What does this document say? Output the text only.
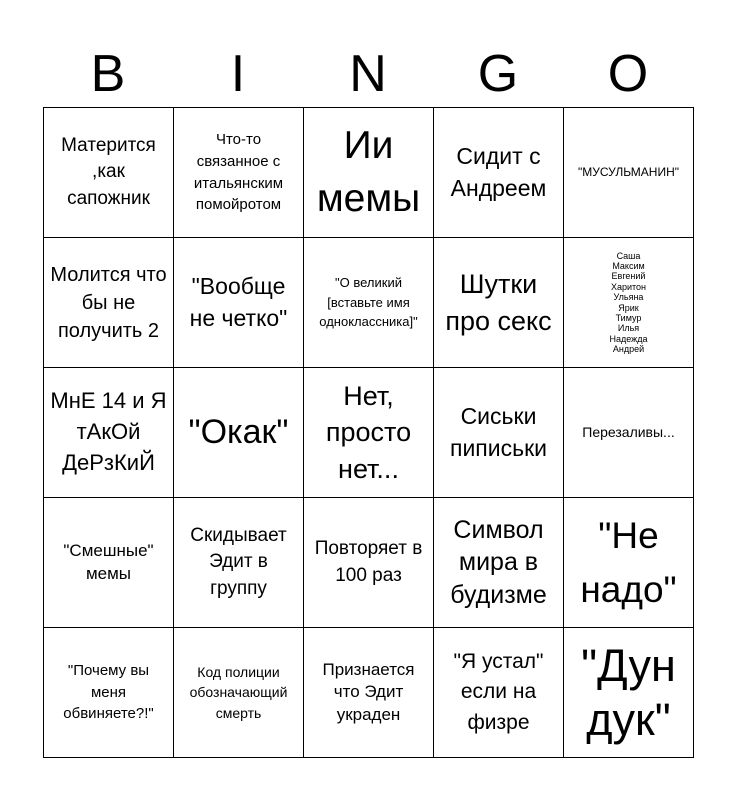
B	I	N	G	O
Матерится ,как сапожник
Что-то связанное с итальянским помойротом
Ии мемы
Сидит с Андреем
"МУСУЛЬМАНИН"
Молится что бы не получить 2
"Вообще не четко"
"О великий [вставьте имя одноклассника]"
Шутки про секс
Саша
Максим
Евгений
Харитон
Ульяна
Ярик
Тимур
Илья
Надежда
Андрей
МнЕ 14 и Я тАкОй ДеРзКиЙ
"Окак"
Нет, просто нет...
Сиськи пиписьки
Перезаливы...
"Смешные" мемы
Скидывает Эдит в группу
Повторяет в 100 раз
Символ мира в будизме
"Не надо"
"Почему вы меня обвиняете?!"
Код полиции обозначающий смерть
Признается что Эдит украден
"Я устал" если на физре
"Дун дук"
